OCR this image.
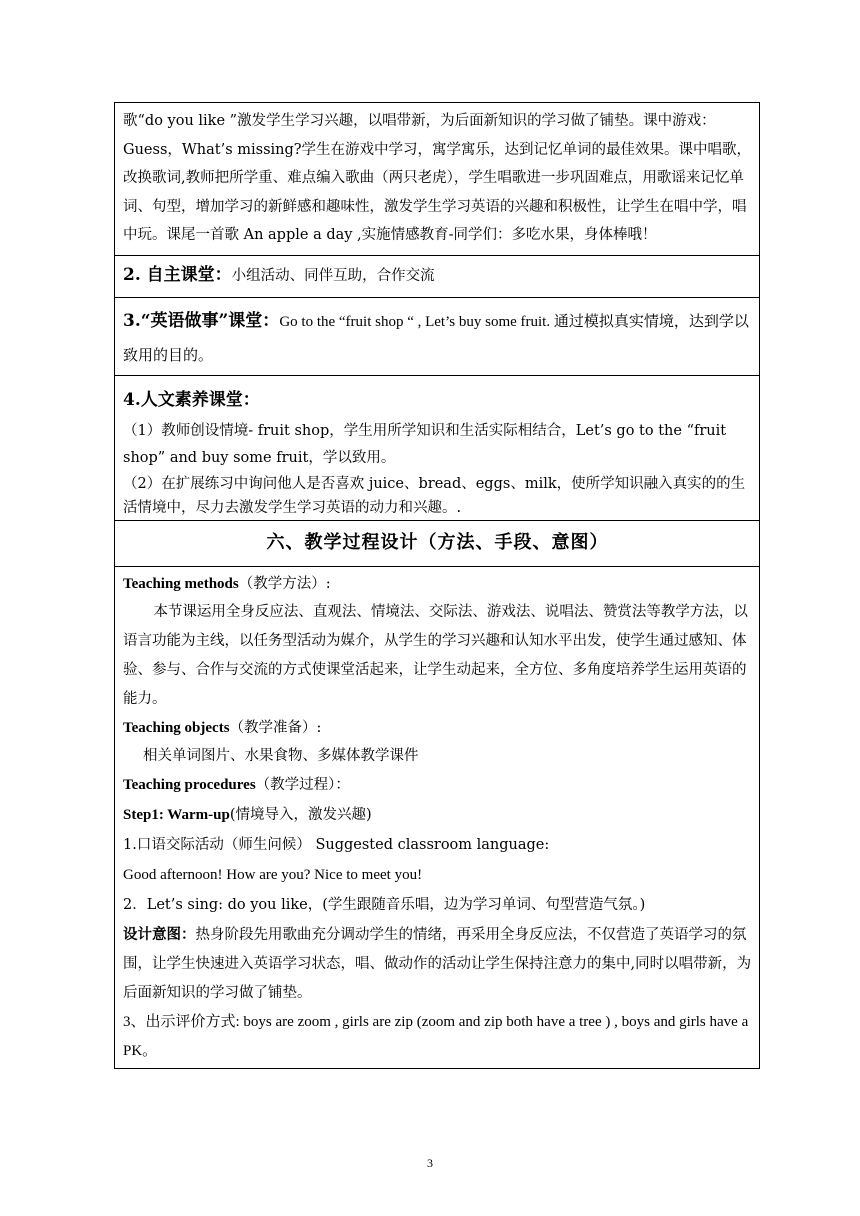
歌“do you like ”激发学生学习兴趣，以唱带新，为后面新知识的学习做了铺垫。课中游戏：Guess，What’s missing?学生在游戏中学习，寓学寓乐，达到记忆单词的最佳效果。课中唱歌，改换歌词,教师把所学重、难点编入歌曲（两只老虎），学生唱歌进一步巩固难点，用歌谣来记忆单词、句型，增加学习的新鲜感和趣味性，激发学生学习英语的兴趣和积极性，让学生在唱中学，唱中玩。课尾一首歌 An apple a day ,实施情感教育-同学们：多吃水果，身体棒哦！

2. 自主课堂：小组活动、同伴互助，合作交流
3.“英语做事”课堂：Go to the “fruit shop “ , Let’s buy some fruit. 通过模拟真实情境，达到学以致用的目的。

4.人文素养课堂：

（1）教师创设情境- fruit shop，学生用所学知识和生活实际相结合，Let’s go to the “fruit shop” and buy some fruit，学以致用。

（2）在扩展练习中询问他人是否喜欢 juice、bread、eggs、milk，使所学知识融入真实的的生活情境中，尽力去激发学生学习英语的动力和兴趣。.

六、教学过程设计（方法、手段、意图）

Teaching methods（教学方法）:

本节课运用全身反应法、直观法、情境法、交际法、游戏法、说唱法、赞赏法等教学方法，以语言功能为主线，以任务型活动为媒介，从学生的学习兴趣和认知水平出发，使学生通过感知、体验、参与、合作与交流的方式使课堂活起来，让学生动起来，全方位、多角度培养学生运用英语的能力。

Teaching objects（教学准备）:

相关单词图片、水果食物、多媒体教学课件

Teaching procedures（教学过程）：

Step1: Warm-up(情境导入，激发兴趣)

1.口语交际活动（师生问候） Suggested classroom language:

Good afternoon! How are you? Nice to meet you!

2．Let’s sing: do you like，(学生跟随音乐唱，边为学习单词、句型营造气氛。)

设计意图：热身阶段先用歌曲充分调动学生的情绪，再采用全身反应法，不仅营造了英语学习的氛围，让学生快速进入英语学习状态，唱、做动作的活动让学生保持注意力的集中,同时以唱带新，为后面新知识的学习做了铺垫。

3、出示评价方式: boys are zoom , girls are zip (zoom and zip both have a tree ) , boys and girls have a PK。

3
